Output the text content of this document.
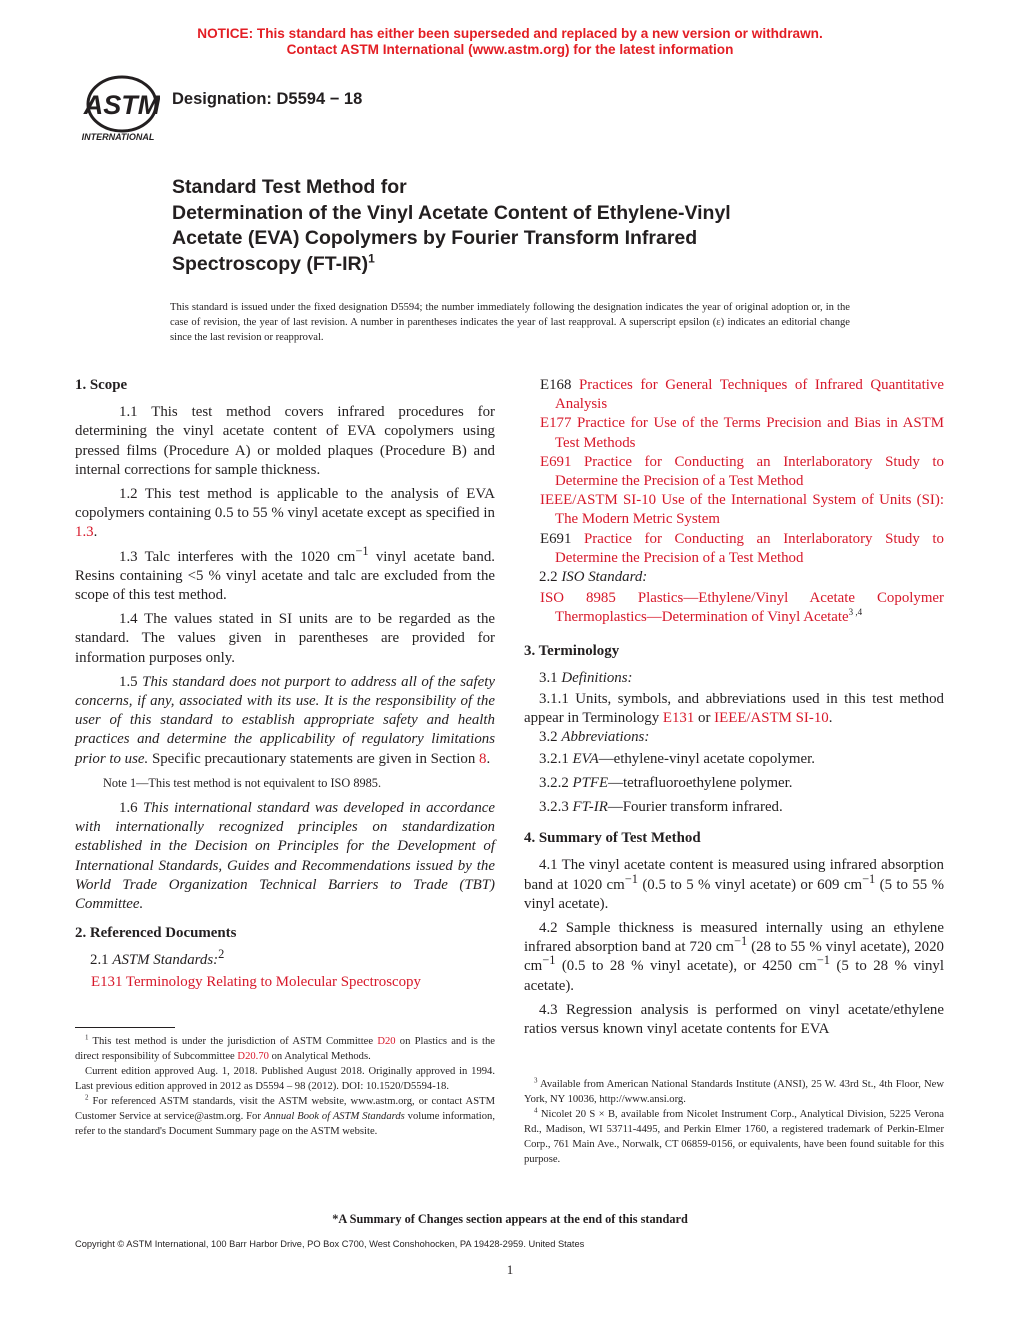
NOTICE: This standard has either been superseded and replaced by a new version or withdrawn.
Contact ASTM International (www.astm.org) for the latest information
ASTM
INTERNATIONAL
Designation: D5594 − 18
Standard Test Method for
Determination of the Vinyl Acetate Content of Ethylene-Vinyl
Acetate (EVA) Copolymers by Fourier Transform Infrared
Spectroscopy $(FT-IR)^1$
This standard is issued under the fixed designation D5594; the number immediately following the designation indicates the year of original adoption or, in the case of revision, the year of last revision. A number in parentheses indicates the year of last reapproval. A superscript epsilon (ε) indicates an editorial change since the last revision or reapproval.
1. Scope

1.1 This test method covers infrared procedures for determining the vinyl acetate content of EVA copolymers using pressed films (Procedure A) or molded plaques (Procedure B) and internal corrections for sample thickness.

1.2 This test method is applicable to the analysis of EVA copolymers containing 0.5 to 55 % vinyl acetate except as specified in 1.3.

1.3 Talc interferes with the 1020 $cm^{-1}$ vinyl acetate band. Resins containing <5 % vinyl acetate and talc are excluded from the scope of this test method.

1.4 The values stated in SI units are to be regarded as the standard. The values given in parentheses are provided for information purposes only.

1.5 This standard does not purport to address all of the safety concerns, if any, associated with its use. It is the responsibility of the user of this standard to establish appropriate safety and health practices and determine the applicability of regulatory limitations prior to use. Specific precautionary statements are given in Section 8.

Note 1—This test method is not equivalent to ISO 8985.

1.6 This international standard was developed in accordance with internationally recognized principles on standardization established in the Decision on Principles for the Development of International Standards, Guides and Recommendations issued by the World Trade Organization Technical Barriers to Trade (TBT) Committee.

2. Referenced Documents

2.1 ASTM Standards:$^2$

E131 Terminology Relating to Molecular Spectroscopy

E168 Practices for General Techniques of Infrared Quantitative Analysis

E177 Practice for Use of the Terms Precision and Bias in ASTM Test Methods

E691 Practice for Conducting an Interlaboratory Study to Determine the Precision of a Test Method

IEEE/ASTM SI-10 Use of the International System of Units (SI): The Modern Metric System

E691 Practice for Conducting an Interlaboratory Study to Determine the Precision of a Test Method

2.2 ISO Standard:

ISO 8985 Plastics—Ethylene/Vinyl Acetate Copolymer Thermoplastics—Determination of Vinyl Acetate$^{3 ,4}$

3. Terminology

3.1 Definitions:

3.1.1 Units, symbols, and abbreviations used in this test method appear in Terminology E131 or IEEE/ASTM SI-10.

3.2 Abbreviations:

3.2.1 EVA—ethylene-vinyl acetate copolymer.

3.2.2 PTFE—tetrafluoroethylene polymer.

3.2.3 FT-IR—Fourier transform infrared.

4. Summary of Test Method

4.1 The vinyl acetate content is measured using infrared absorption band at 1020 $cm^{-1}$ (0.5 to 5 % vinyl acetate) or 609 $cm^{-1}$ (5 to 55 % vinyl acetate).

4.2 Sample thickness is measured internally using an ethylene infrared absorption band at 720 $cm^{-1}$ (28 to 55 % vinyl acetate), 2020 $cm^{-1}$ (0.5 to 28 % vinyl acetate), or 4250 $cm^{-1}$ (5 to 28 % vinyl acetate).

4.3 Regression analysis is performed on vinyl acetate/ethylene ratios versus known vinyl acetate contents for EVA

$^1$ This test method is under the jurisdiction of ASTM Committee D20 on Plastics and is the direct responsibility of Subcommittee D20.70 on Analytical Methods.

Current edition approved Aug. 1, 2018. Published August 2018. Originally approved in 1994. Last previous edition approved in 2012 as D5594 – 98 (2012). DOI: 10.1520/D5594-18.

$^2$ For referenced ASTM standards, visit the ASTM website, www.astm.org, or contact ASTM Customer Service at service@astm.org. For Annual Book of ASTM Standards volume information, refer to the standard's Document Summary page on the ASTM website.

$^3$ Available from American National Standards Institute (ANSI), 25 W. 43rd St., 4th Floor, New York, NY 10036, http://www.ansi.org.

$^4$ Nicolet 20 S × B, available from Nicolet Instrument Corp., Analytical Division, 5225 Verona Rd., Madison, WI 53711-4495, and Perkin Elmer 1760, a registered trademark of Perkin-Elmer Corp., 761 Main Ave., Norwalk, CT 06859-0156, or equivalents, have been found suitable for this purpose.

*A Summary of Changes section appears at the end of this standard
Copyright © ASTM International, 100 Barr Harbor Drive, PO Box C700, West Conshohocken, PA 19428-2959. United States
1
